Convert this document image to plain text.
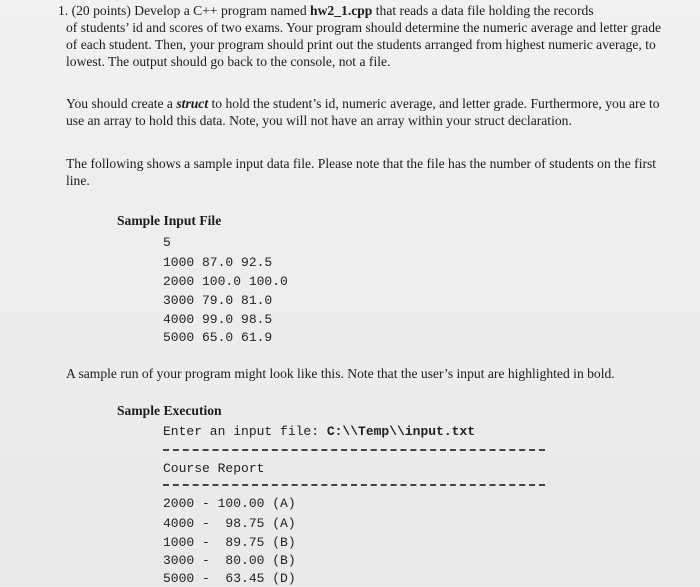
1. (20 points) Develop a C++ program named hw2_1.cpp that reads a data file holding the records
of students’ id and scores of two exams. Your program should determine the numeric average and letter grade of each student. Then, your program should print out the students arranged from highest numeric average, to lowest. The output should go back to the console, not a file.

You should create a struct to hold the student’s id, numeric average, and letter grade. Furthermore, you are to use an array to hold this data. Note, you will not have an array within your struct declaration.

The following shows a sample input data file. Please note that the file has the number of students on the first line.

Sample Input File
5
1000 87.0 92.5
2000 100.0 100.0
3000 79.0 81.0
4000 99.0 98.5
5000 65.0 61.9

A sample run of your program might look like this. Note that the user’s input are highlighted in bold.

Sample Execution
Enter an input file: C:\\Temp\\input.txt
Course Report
2000 - 100.00 (A)
4000 -  98.75 (A)
1000 -  89.75 (B)
3000 -  80.00 (B)
5000 -  63.45 (D)
